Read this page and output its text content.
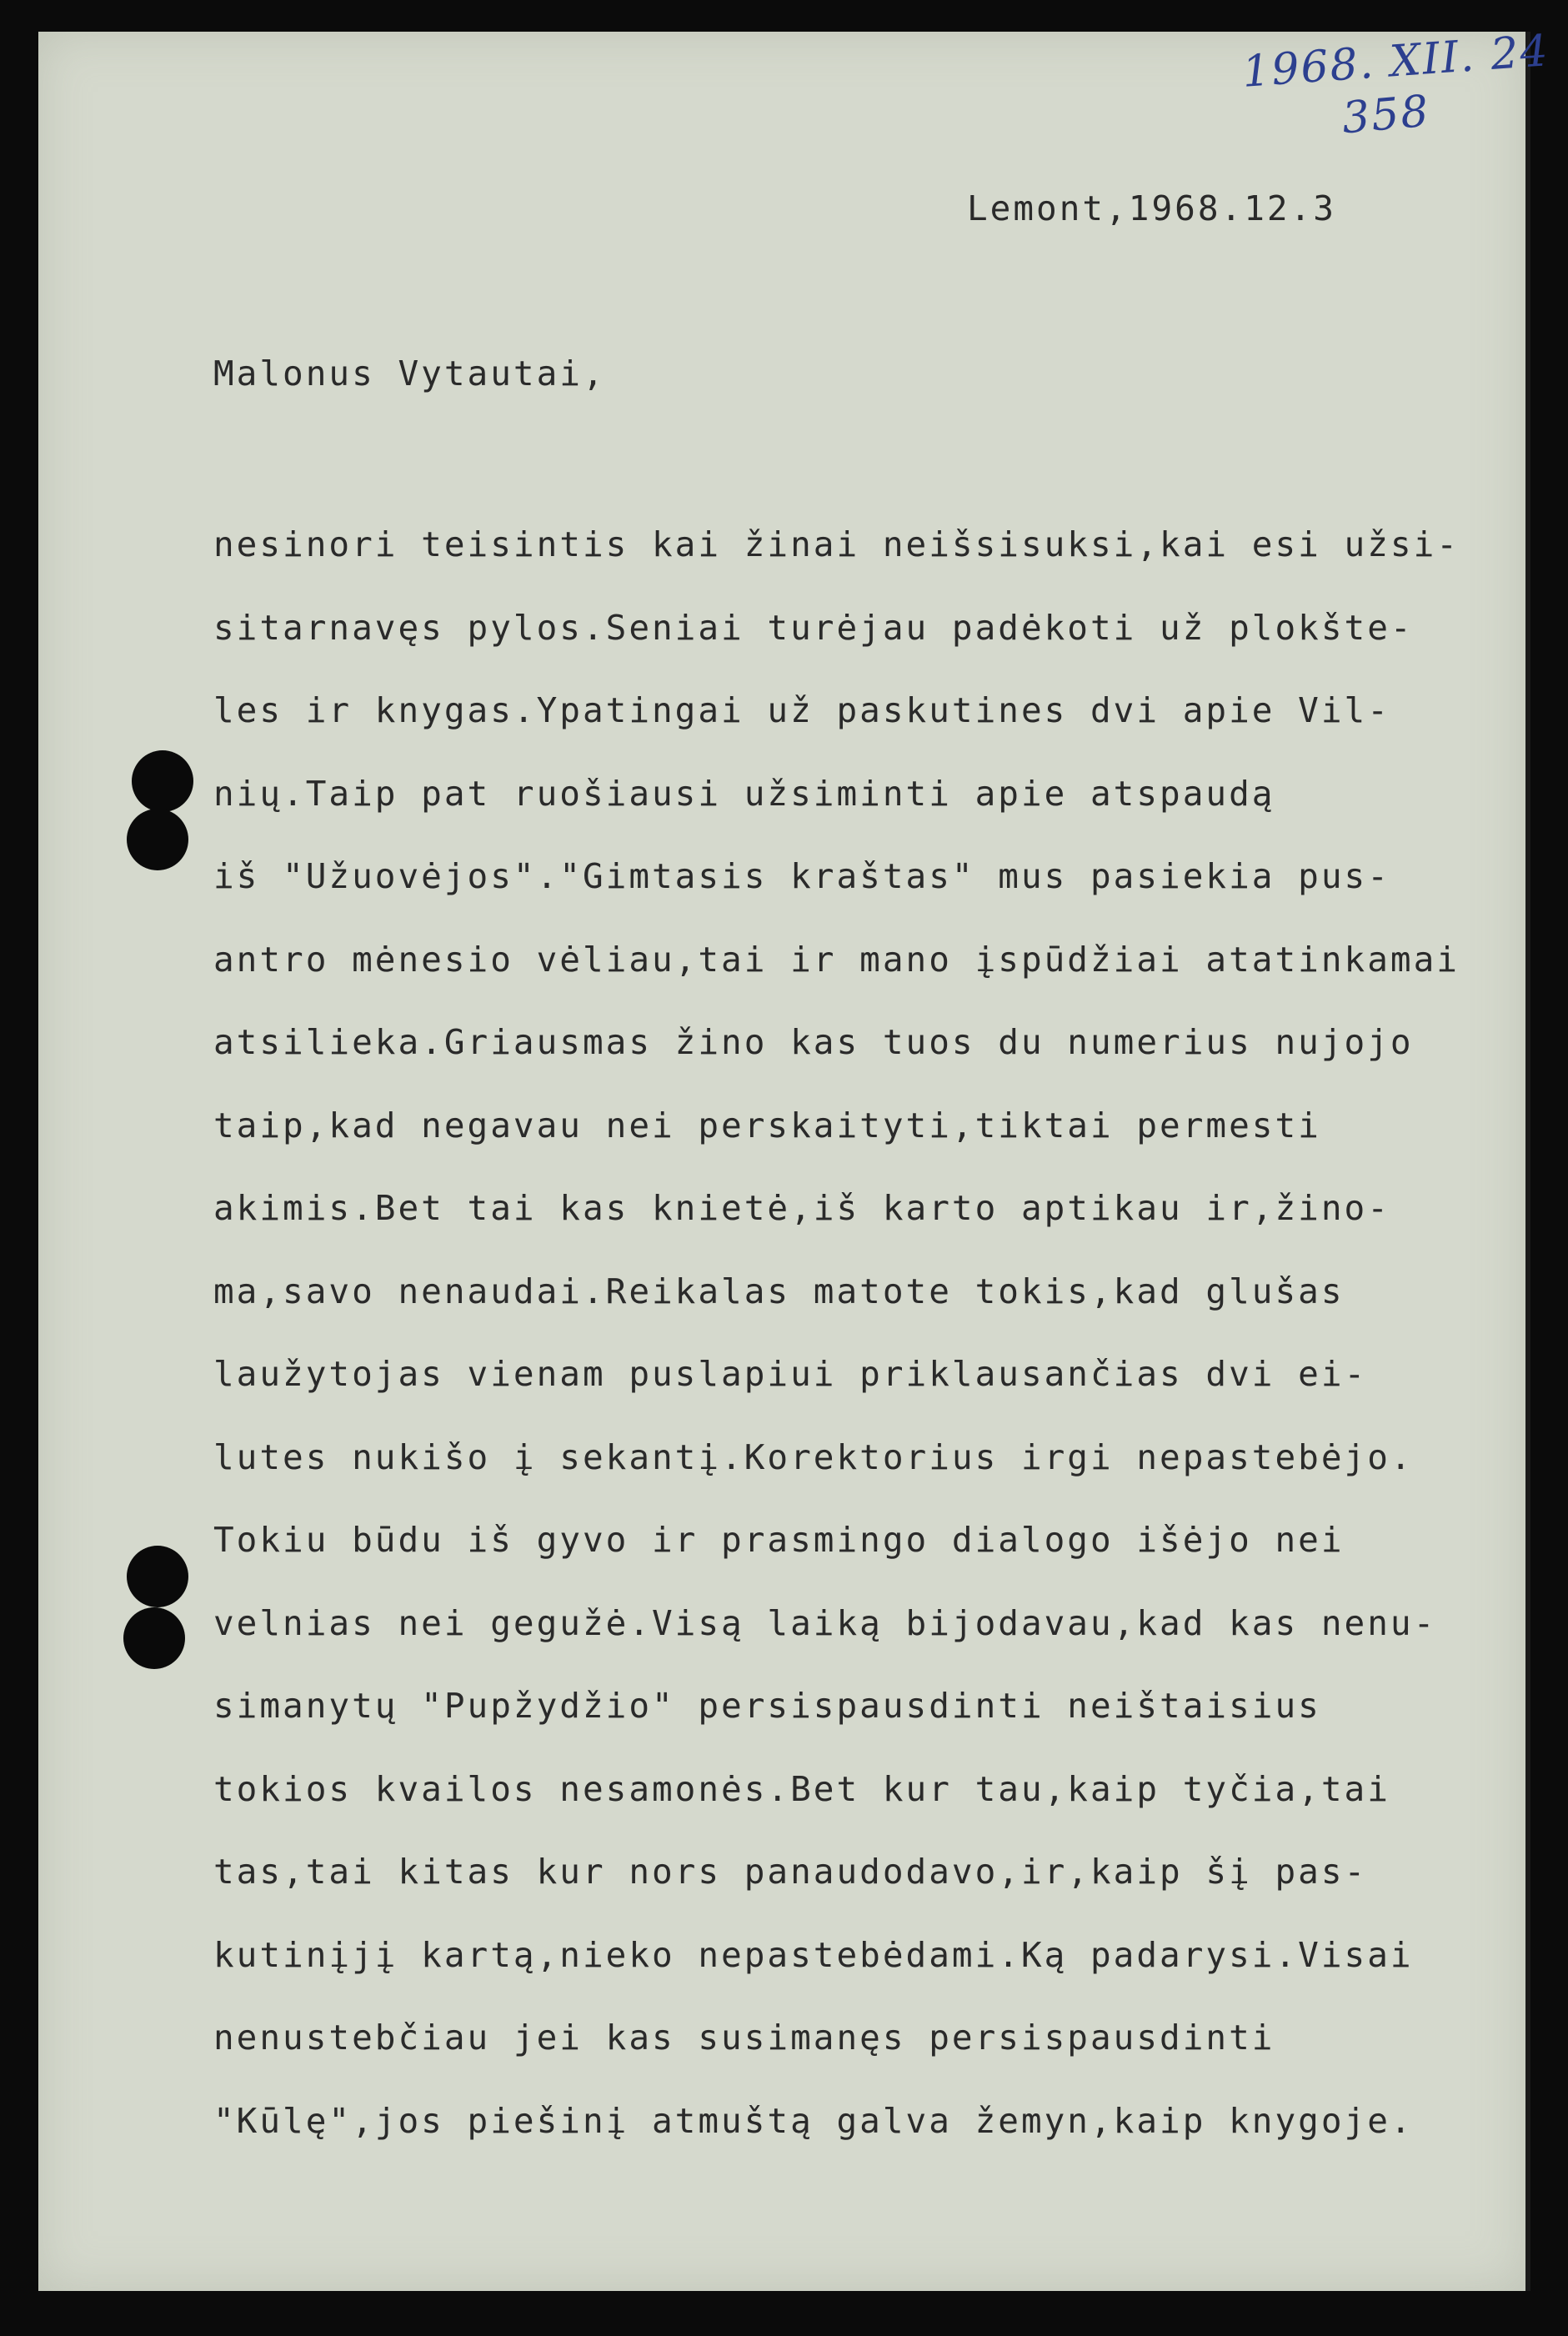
1968. XII. 24
358
Lemont,1968.12.3
Malonus Vytautai,
nesinori teisintis kai žinai neišsisuksi,kai esi užsi-
sitarnavęs pylos.Seniai turėjau padėkoti už plokšte-
les ir knygas.Ypatingai už paskutines dvi apie Vil-
nių.Taip pat ruošiausi užsiminti apie atspaudą
iš "Užuovėjos"."Gimtasis kraštas" mus pasiekia pus-
antro mėnesio vėliau,tai ir mano įspūdžiai atatinkamai
atsilieka.Griausmas žino kas tuos du numerius nujojo
taip,kad negavau nei perskaityti,tiktai permesti
akimis.Bet tai kas knietė,iš karto aptikau ir,žino-
ma,savo nenaudai.Reikalas matote tokis,kad glušas
laužytojas vienam puslapiui priklausančias dvi ei-
lutes nukišo į sekantį.Korektorius irgi nepastebėjo.
Tokiu būdu iš gyvo ir prasmingo dialogo išėjo nei
velnias nei gegužė.Visą laiką bijodavau,kad kas nenu-
simanytų "Pupžydžio" persispausdinti neištaisius
tokios kvailos nesamonės.Bet kur tau,kaip tyčia,tai
tas,tai kitas kur nors panaudodavo,ir,kaip šį pas-
kutinįjį kartą,nieko nepastebėdami.Ką padarysi.Visai
nenustebčiau jei kas susimanęs persispausdinti
"Kūlę",jos piešinį atmuštą galva žemyn,kaip knygoje.
